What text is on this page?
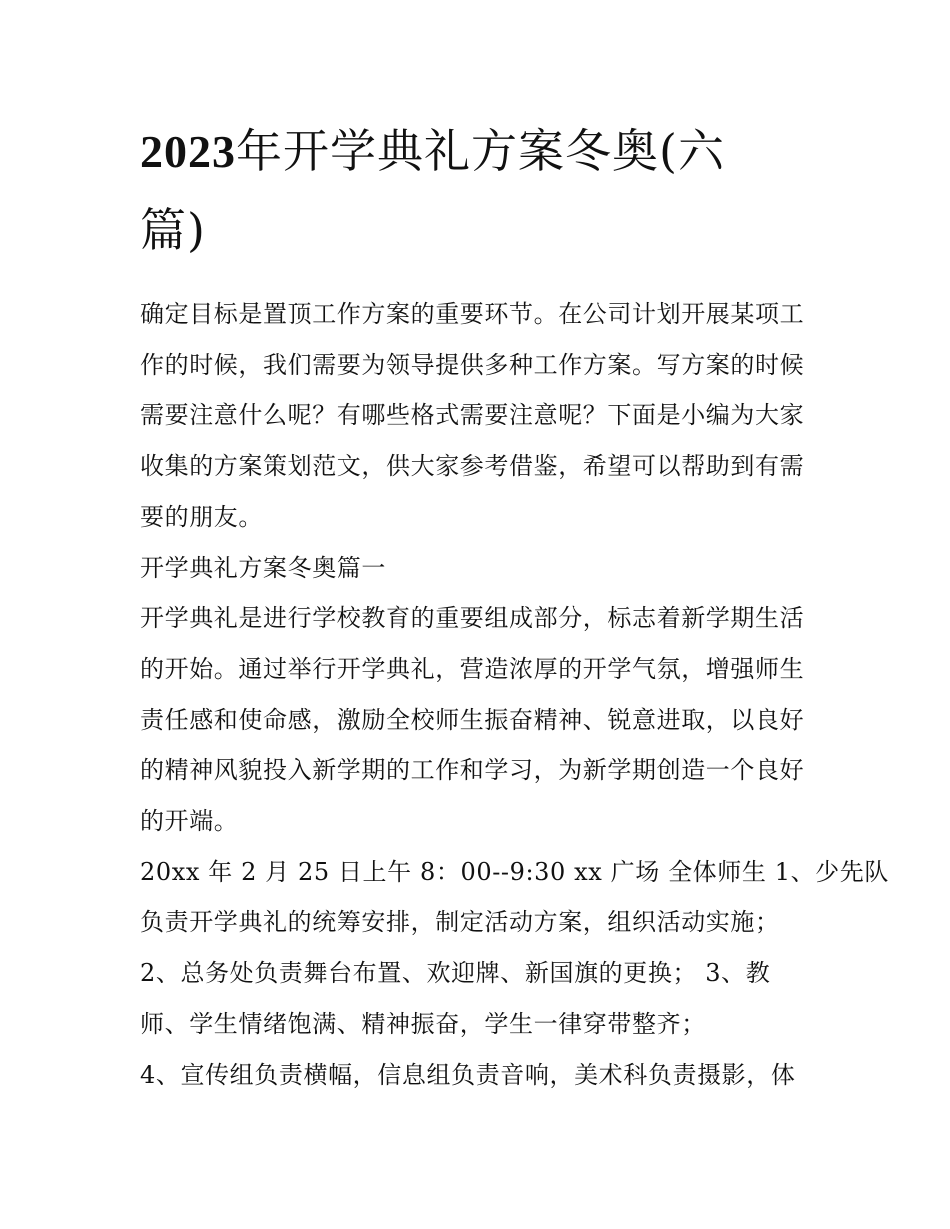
2023年开学典礼方案冬奥(六
篇)

确定目标是置顶工作方案的重要环节。在公司计划开展某项工
作的时候，我们需要为领导提供多种工作方案。写方案的时候
需要注意什么呢？有哪些格式需要注意呢？下面是小编为大家
收集的方案策划范文，供大家参考借鉴，希望可以帮助到有需
要的朋友。

开学典礼方案冬奥篇一

开学典礼是进行学校教育的重要组成部分，标志着新学期生活
的开始。通过举行开学典礼，营造浓厚的开学气氛，增强师生
责任感和使命感，激励全校师生振奋精神、锐意进取，以良好
的精神风貌投入新学期的工作和学习，为新学期创造一个良好
的开端。

20xx 年 2 月 25 日上午 8：00--9:30 xx 广场 全体师生 1、少先队
负责开学典礼的统筹安排，制定活动方案，组织活动实施；

2、总务处负责舞台布置、欢迎牌、新国旗的更换； 3、教
师、学生情绪饱满、精神振奋，学生一律穿带整齐；

4、宣传组负责横幅，信息组负责音响，美术科负责摄影，体
